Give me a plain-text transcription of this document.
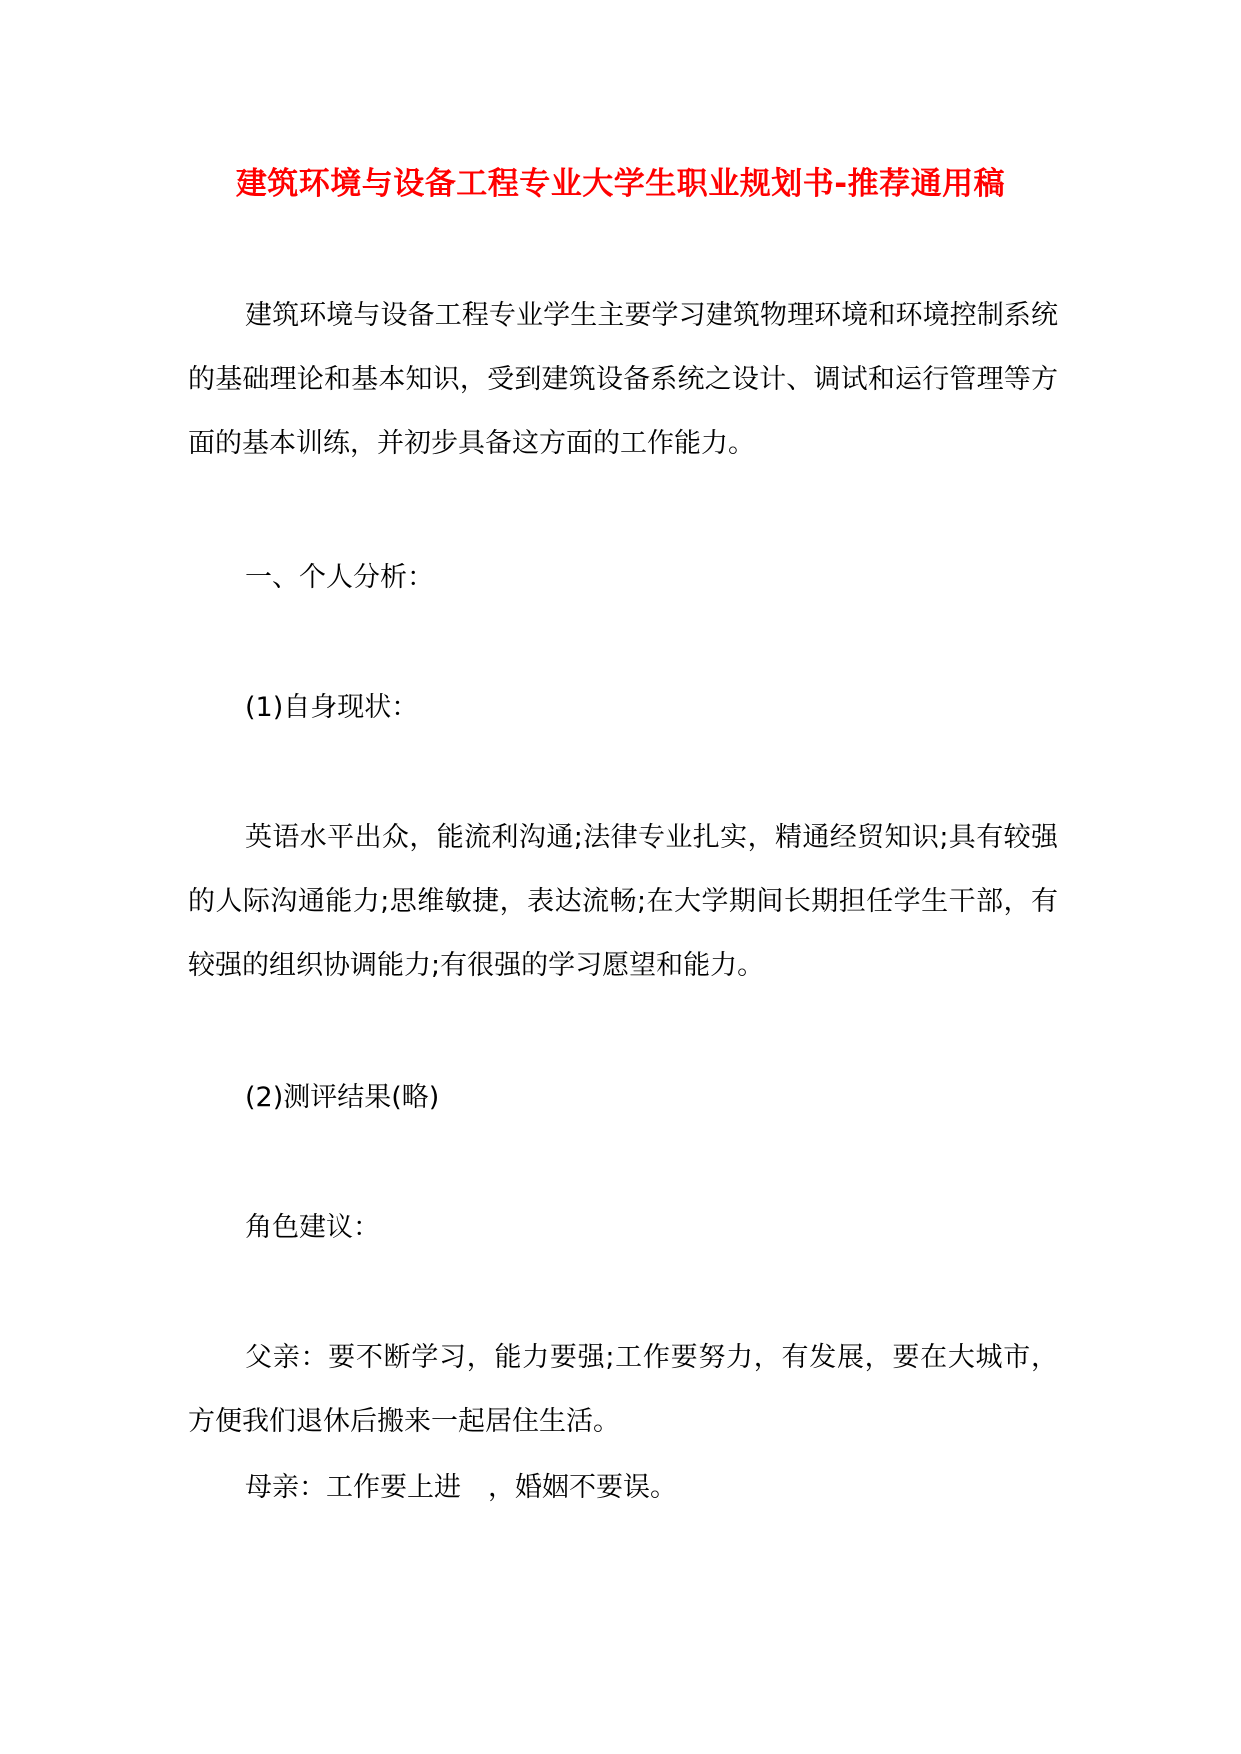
建筑环境与设备工程专业大学生职业规划书-推荐通用稿
建筑环境与设备工程专业学生主要学习建筑物理环境和环境控制系统的基础理论和基本知识，受到建筑设备系统之设计、调试和运行管理等方面的基本训练，并初步具备这方面的工作能力。
一、个人分析：
(1)自身现状：
英语水平出众，能流利沟通;法律专业扎实，精通经贸知识;具有较强的人际沟通能力;思维敏捷，表达流畅;在大学期间长期担任学生干部，有较强的组织协调能力;有很强的学习愿望和能力。
(2)测评结果(略)
角色建议：
父亲：要不断学习，能力要强;工作要努力，有发展，要在大城市，方便我们退休后搬来一起居住生活。
母亲：工作要上进　，婚姻不要误。
